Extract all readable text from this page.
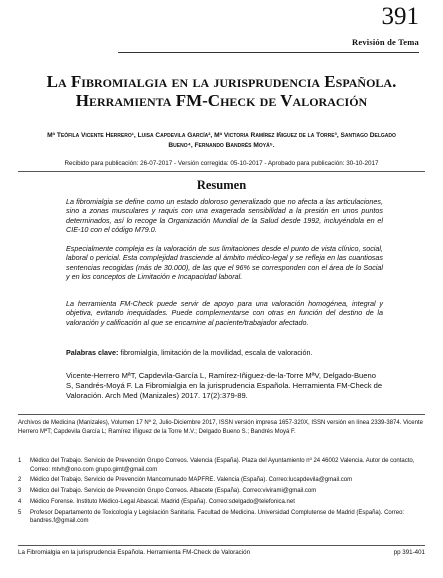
391
Revisión de Tema
La Fibromialgia en la jurisprudencia Española. Herramienta FM-Check de Valoración
Mª Teófila Vicente Herrero¹, Luisa Capdevila García², Mª Victoria Ramírez Iñiguez de la Torre³, Santiago Delgado Bueno⁴, Fernando Bandrés Moyá⁵.
Recibido para publicación: 26-07-2017 - Versión corregida: 05-10-2017 - Aprobado para publicación: 30-10-2017
Resumen

La fibromialgia se define como un estado doloroso generalizado que no afecta a las articulaciones, sino a zonas musculares y raquis con una exagerada sensibilidad a la presión en unos puntos determinados, así lo recoge la Organización Mundial de la Salud desde 1992, incluyéndola en el CIE-10 con el código M79.0.

Especialmente compleja es la valoración de sus limitaciones desde el punto de vista clínico, social, laboral o pericial. Esta complejidad trasciende al ámbito médico-legal y se refleja en las cuantiosas sentencias recogidas (más de 30.000), de las que el 96% se corresponden con el área de lo Social y en los conceptos de Limitación e Incapacidad laboral.

La herramienta FM-Check puede servir de apoyo para una valoración homogénea, integral y objetiva, evitando inequidades. Puede complementarse con otras en función del destino de la valoración y calificación al que se encamine al paciente/trabajador afectado.

Palabras clave: fibromialgia, limitación de la movilidad, escala de valoración.
Vicente-Herrero MªT, Capdevila-García L, Ramírez-Iñiguez-de-la-Torre MªV, Delgado-Bueno S, Sandrés-Moyá F. La Fibromialgia en la jurisprudencia Española. Herramienta FM-Check de Valoración. Arch Med (Manizales) 2017. 17(2):379-89.
Archivos de Medicina (Manizales), Volumen 17 Nº 2, Julio-Diciembre 2017, ISSN versión impresa 1657-320X, ISSN versión en línea 2339-3874. Vicente Herrero MªT; Capdevila García L; Ramírez Iñiguez de la Torre M.V.; Delgado Bueno S.; Bandrés Moyá F.
1 Médico del Trabajo. Servicio de Prevención Grupo Correos. Valencia (España). Plaza del Ayuntamiento nº 24 46002 Valencia. Autor de contacto, Correo: mtvh@ono.com grupo.gimt@gmail.com
2 Médico del Trabajo. Servicio de Prevención Mancomunado MAPFRE. Valencia (España). Correo:lucapdevila@gmail.com
3 Médico del Trabajo. Servicio de Prevención Grupo Correos. Albacete (España). Correo:vivirami@gmail.com
4 Médico Forense. Instituto Médico-Legal Abascal. Madrid (España). Correo:sdelgado@telefonica.net
5 Profesor Departamento de Toxicología y Legislación Sanitaria. Facultad de Medicina. Universidad Complutense de Madrid (España). Correo: bandres.f@gmail.com
La Fibromialgia en la jurisprudencia Española. Herramienta FM-Check de Valoración	pp 391-401
